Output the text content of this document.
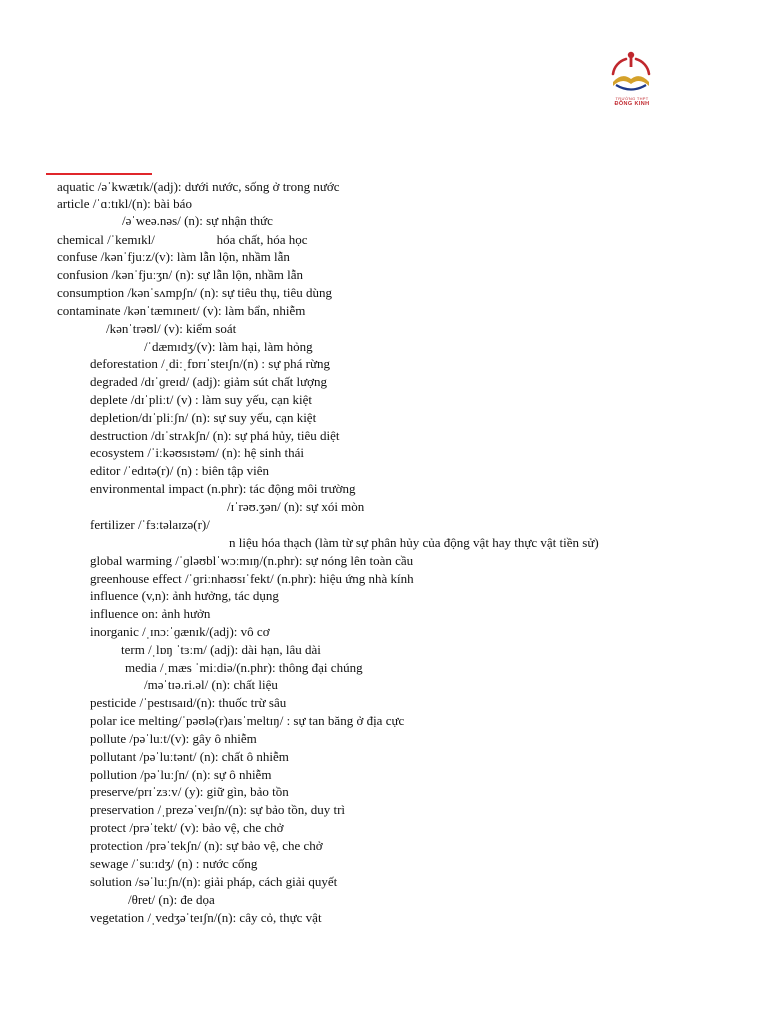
TRƯỜNG THPT
ĐÔNG KINH
aquatic /əˈkwætɪk/(adj): dưới nước, sống ở trong nước
article /ˈɑːtɪkl/(n): bài báo
/əˈweə.nəs/ (n): sự nhận thức
chemical /ˈkemɪkl/                   hóa chất, hóa học
confuse /kənˈfjuːz/(v): làm lẫn lộn, nhầm lẫn
confusion /kənˈfjuːʒn/ (n): sự lẫn lộn, nhầm lẫn
consumption /kənˈsʌmpʃn/ (n): sự tiêu thụ, tiêu dùng
contaminate /kənˈtæmɪneɪt/ (v): làm bẩn, nhiễm
/kənˈtrəʊl/ (v): kiểm soát
/ˈdæmɪdʒ/(v): làm hại, làm hỏng
deforestation /ˌdiːˌfɒrɪˈsteɪʃn/(n) : sự phá rừng
degraded /dɪˈɡreɪd/ (adj): giảm sút chất lượng
deplete /dɪˈpliːt/ (v) : làm suy yếu, cạn kiệt
depletion/dɪˈpliːʃn/ (n): sự suy yếu, cạn kiệt
destruction /dɪˈstrʌkʃn/ (n): sự phá hủy, tiêu diệt
ecosystem /ˈiːkəʊsɪstəm/ (n): hệ sinh thái
editor /ˈedɪtə(r)/ (n) : biên tập viên
environmental impact (n.phr): tác động môi trường
/ɪˈrəʊ.ʒən/ (n): sự xói mòn
fertilizer /ˈfɜːtəlaɪzə(r)/
n liệu hóa thạch (làm từ sự phân hủy của động vật hay thực vật tiền sử)
global warming /ˈɡləʊblˈwɔːmɪŋ/(n.phr): sự nóng lên toàn cầu
greenhouse effect /ˈɡriːnhaʊsɪˈfekt/ (n.phr): hiệu ứng nhà kính
influence (v,n): ảnh hưởng, tác dụng
influence on: ảnh hưởn
inorganic /ˌɪnɔːˈɡænɪk/(adj): vô cơ
term /ˌlɒŋ ˈtɜːm/ (adj): dài hạn, lâu dài
media /ˌmæs ˈmiːdiə/(n.phr): thông đại chúng
/məˈtɪə.ri.əl/ (n): chất liệu
pesticide /ˈpestɪsaɪd/(n): thuốc trừ sâu
polar ice melting/ˈpəʊlə(r)aɪsˈmeltɪŋ/ : sự tan băng ở địa cực
pollute /pəˈluːt/(v): gây ô nhiễm
pollutant /pəˈluːtənt/ (n): chất ô nhiễm
pollution /pəˈluːʃn/ (n): sự ô nhiễm
preserve/prɪˈzɜːv/ (y): giữ gìn, bảo tồn
preservation /ˌprezəˈveɪʃn/(n): sự bảo tồn, duy trì
protect /prəˈtekt/ (v): bảo vệ, che chở
protection /prəˈtekʃn/ (n): sự bảo vệ, che chở
sewage /ˈsuːɪdʒ/ (n) : nước cống
solution /səˈluːʃn/(n): giải pháp, cách giải quyết
/θret/ (n): đe dọa
vegetation /ˌvedʒəˈteɪʃn/(n): cây cỏ, thực vật
